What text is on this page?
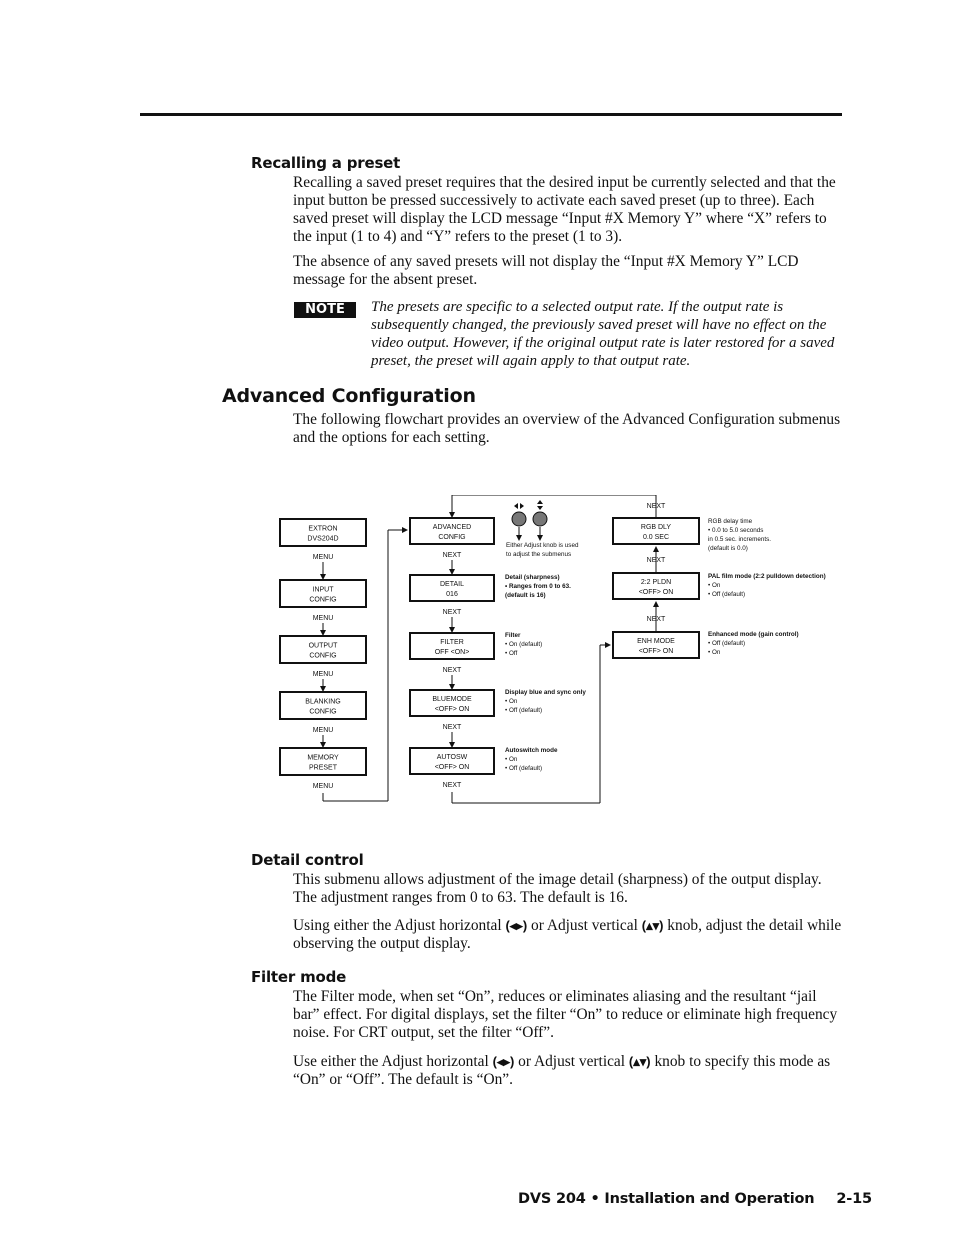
Recalling a preset

Recalling a saved preset requires that the desired input be currently selected and that the input button be pressed successively to activate each saved preset (up to three). Each saved preset will display the LCD message “Input #X Memory Y” where “X” refers to the input (1 to 4) and “Y” refers to the preset (1 to 3).

The absence of any saved presets will not display the “Input #X Memory Y” LCD message for the absent preset.

NOTE	The presets are specific to a selected output rate. If the output rate is subsequently changed, the previously saved preset will have no effect on the video output. However, if the original output rate is later restored for a saved preset, the preset will again apply to that output rate.

Advanced Configuration

The following flowchart provides an overview of the Advanced Configuration submenus and the options for each setting.

EXTRON
DVS204D
MENU
INPUT
CONFIG
MENU
OUTPUT
CONFIG
MENU
BLANKING
CONFIG
MENU
MEMORY
PRESET
MENU
ADVANCED
CONFIG
NEXT
DETAIL
016
NEXT
FILTER
OFF <ON>
NEXT
BLUEMODE
<OFF> ON
NEXT
AUTOSW
<OFF> ON
NEXT
RGB DLY
0.0 SEC
2:2 PLDN
<OFF> ON
NEXT
ENH MODE
<OFF> ON
NEXT
NEXT
Either Adjust knob is used
to adjust the submenus
Detail (sharpness)
• Ranges from 0 to 63.
(default is 16)
Filter
• On (default)
• Off
Display blue and sync only
• On
• Off (default)
Autoswitch mode
• On
• Off (default)
RGB delay time
• 0.0 to 5.0 seconds
in 0.5 sec. increments.
(default is 0.0)
PAL film mode (2:2 pulldown detection)
• On
• Off (default)
Enhanced mode (gain control)
• Off (default)
• On
Detail control

This submenu allows adjustment of the image detail (sharpness) of the output display. The adjustment ranges from 0 to 63. The default is 16.

Using either the Adjust horizontal (◂▸) or Adjust vertical (▴▾) knob, adjust the detail while observing the output display.

Filter mode

The Filter mode, when set “On”, reduces or eliminates aliasing and the resultant “jail bar” effect. For digital displays, set the filter “On” to reduce or eliminate high frequency noise. For CRT output, set the filter “Off”.

Use either the Adjust horizontal (◂▸) or Adjust vertical (▴▾) knob to specify this mode as “On” or “Off”. The default is “On”.

DVS 204 • Installation and Operation 2-15
